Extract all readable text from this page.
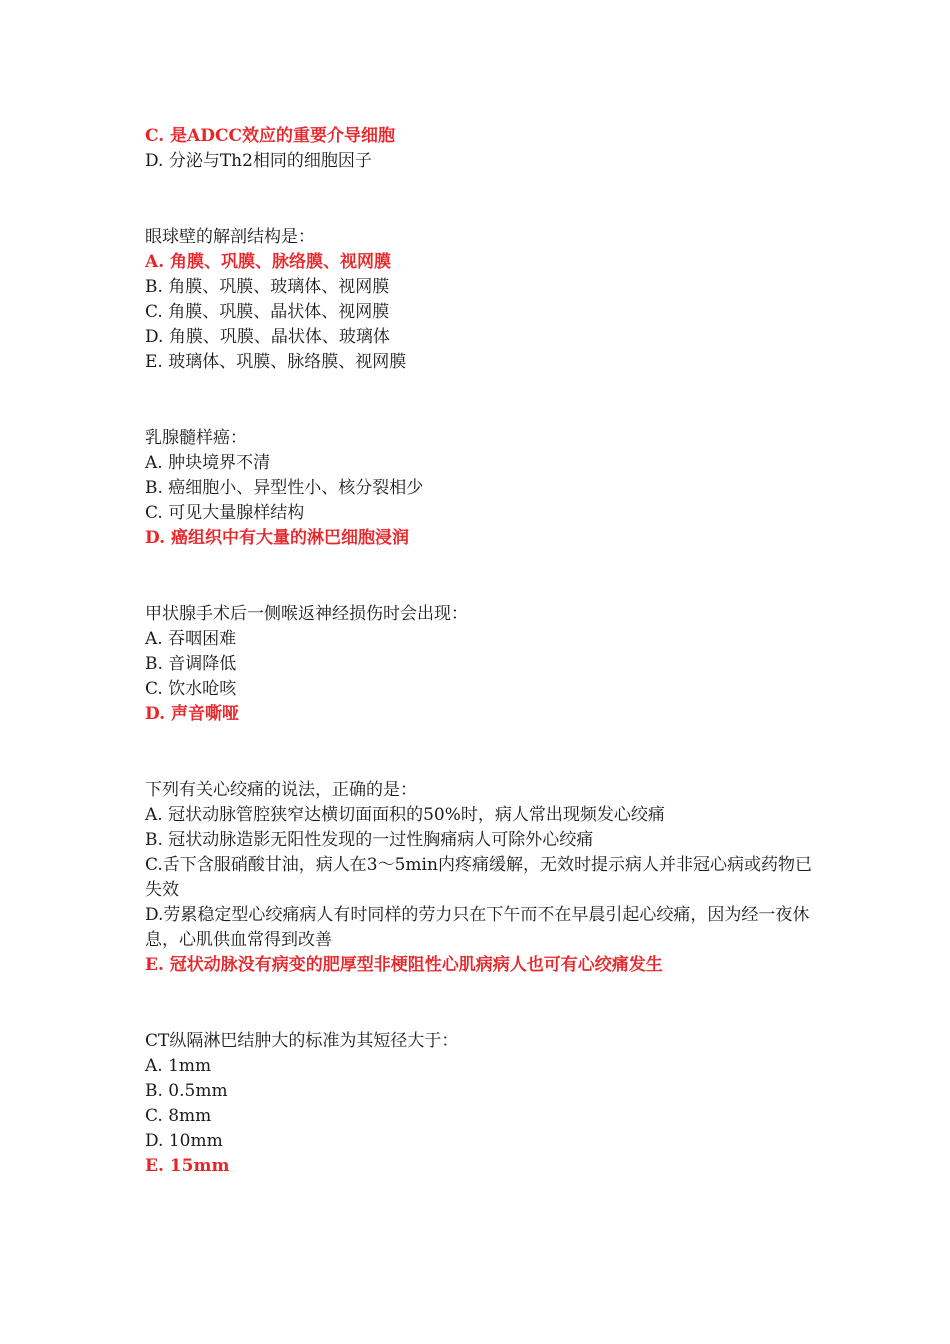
C. 是ADCC效应的重要介导细胞
D. 分泌与Th2相同的细胞因子
眼球壁的解剖结构是：
A. 角膜、巩膜、脉络膜、视网膜
B. 角膜、巩膜、玻璃体、视网膜
C. 角膜、巩膜、晶状体、视网膜
D. 角膜、巩膜、晶状体、玻璃体
E. 玻璃体、巩膜、脉络膜、视网膜
乳腺髓样癌：
A. 肿块境界不清
B. 癌细胞小、异型性小、核分裂相少
C. 可见大量腺样结构
D. 癌组织中有大量的淋巴细胞浸润
甲状腺手术后一侧喉返神经损伤时会出现：
A. 吞咽困难
B. 音调降低
C. 饮水呛咳
D. 声音嘶哑
下列有关心绞痛的说法，正确的是：
A. 冠状动脉管腔狭窄达横切面面积的50%时，病人常出现频发心绞痛
B. 冠状动脉造影无阳性发现的一过性胸痛病人可除外心绞痛
C.舌下含服硝酸甘油，病人在3～5min内疼痛缓解，无效时提示病人并非冠心病或药物已失效
D.劳累稳定型心绞痛病人有时同样的劳力只在下午而不在早晨引起心绞痛，因为经一夜休息，心肌供血常得到改善
E. 冠状动脉没有病变的肥厚型非梗阻性心肌病病人也可有心绞痛发生
CT纵隔淋巴结肿大的标准为其短径大于：
A. 1mm
B. 0.5mm
C. 8mm
D. 10mm
E. 15mm
